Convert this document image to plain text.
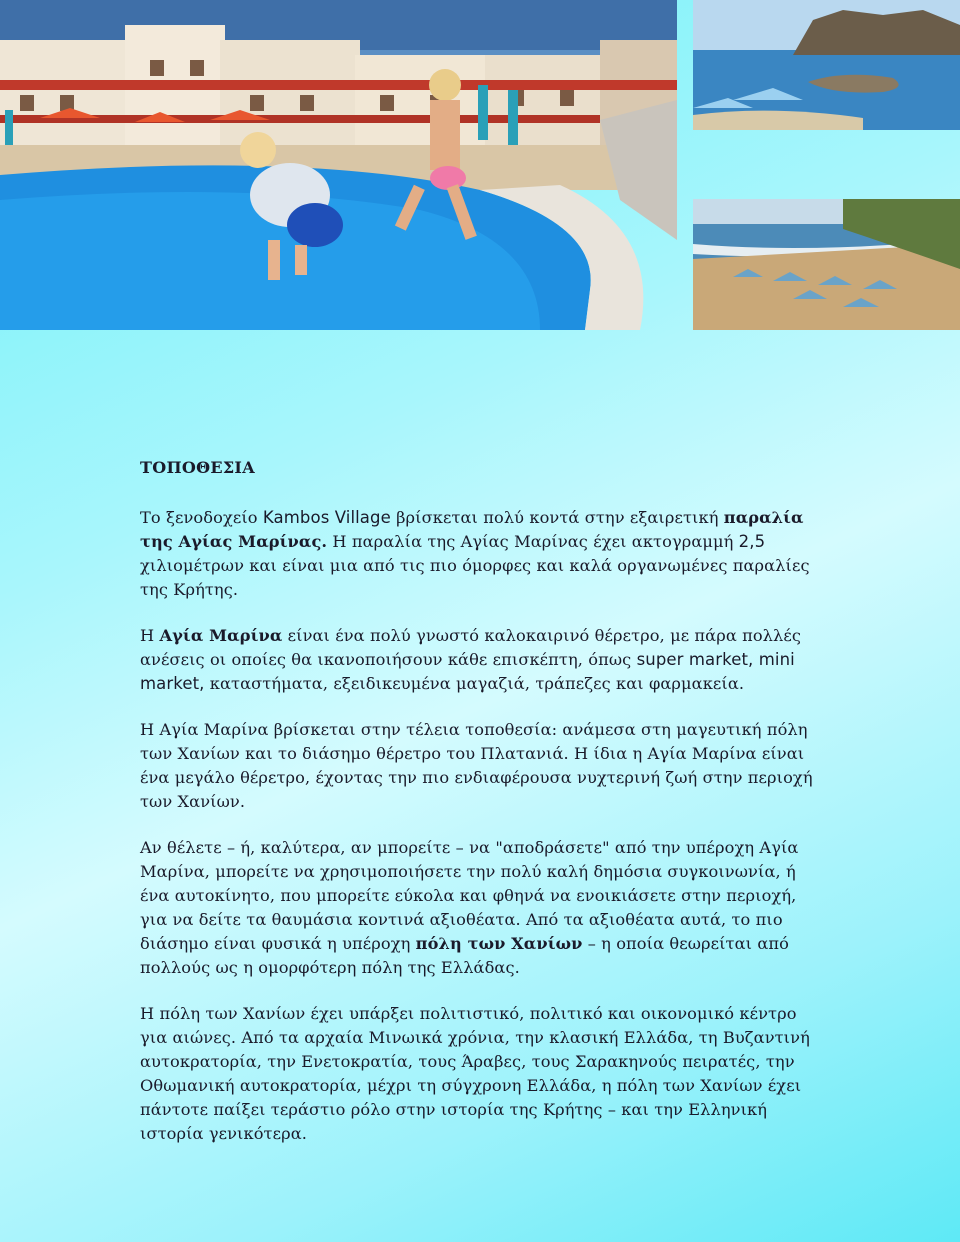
ΤΟΠΟΘΕΣΙΑ

Το ξενοδοχείο Kambos Village βρίσκεται πολύ κοντά στην εξαιρετική παραλία της Αγίας Μαρίνας. Η παραλία της Αγίας Μαρίνας έχει ακτογραμμή 2,5 χιλιομέτρων και είναι μια από τις πιο όμορφες και καλά οργανωμένες παραλίες της Κρήτης.

Η Αγία Μαρίνα είναι ένα πολύ γνωστό καλοκαιρινό θέρετρο, με πάρα πολλές ανέσεις οι οποίες θα ικανοποιήσουν κάθε επισκέπτη, όπως super market, mini market, καταστήματα, εξειδικευμένα μαγαζιά, τράπεζες και φαρμακεία.

Η Αγία Μαρίνα βρίσκεται στην τέλεια τοποθεσία: ανάμεσα στη μαγευτική πόλη των Χανίων και το διάσημο θέρετρο του Πλατανιά. Η ίδια η Αγία Μαρίνα είναι ένα μεγάλο θέρετρο, έχοντας την πιο ενδιαφέρουσα νυχτερινή ζωή στην περιοχή των Χανίων.

Αν θέλετε – ή, καλύτερα, αν μπορείτε – να "αποδράσετε" από την υπέροχη Αγία Μαρίνα, μπορείτε να χρησιμοποιήσετε την πολύ καλή δημόσια συγκοινωνία, ή ένα αυτοκίνητο, που μπορείτε εύκολα και φθηνά να ενοικιάσετε στην περιοχή, για να δείτε τα θαυμάσια κοντινά αξιοθέατα. Από τα αξιοθέατα αυτά, το πιο διάσημο είναι φυσικά η υπέροχη πόλη των Χανίων – η οποία θεωρείται από πολλούς ως η ομορφότερη πόλη της Ελλάδας.

Η πόλη των Χανίων έχει υπάρξει πολιτιστικό, πολιτικό και οικονομικό κέντρο για αιώνες. Από τα αρχαία Μινωικά χρόνια, την κλασική Ελλάδα, τη Βυζαντινή αυτοκρατορία, την Ενετοκρατία, τους Άραβες, τους Σαρακηνούς πειρατές, την Οθωμανική αυτοκρατορία, μέχρι τη σύγχρονη Ελλάδα, η πόλη των Χανίων έχει πάντοτε παίξει τεράστιο ρόλο στην ιστορία της Κρήτης – και την Ελληνική ιστορία γενικότερα.
